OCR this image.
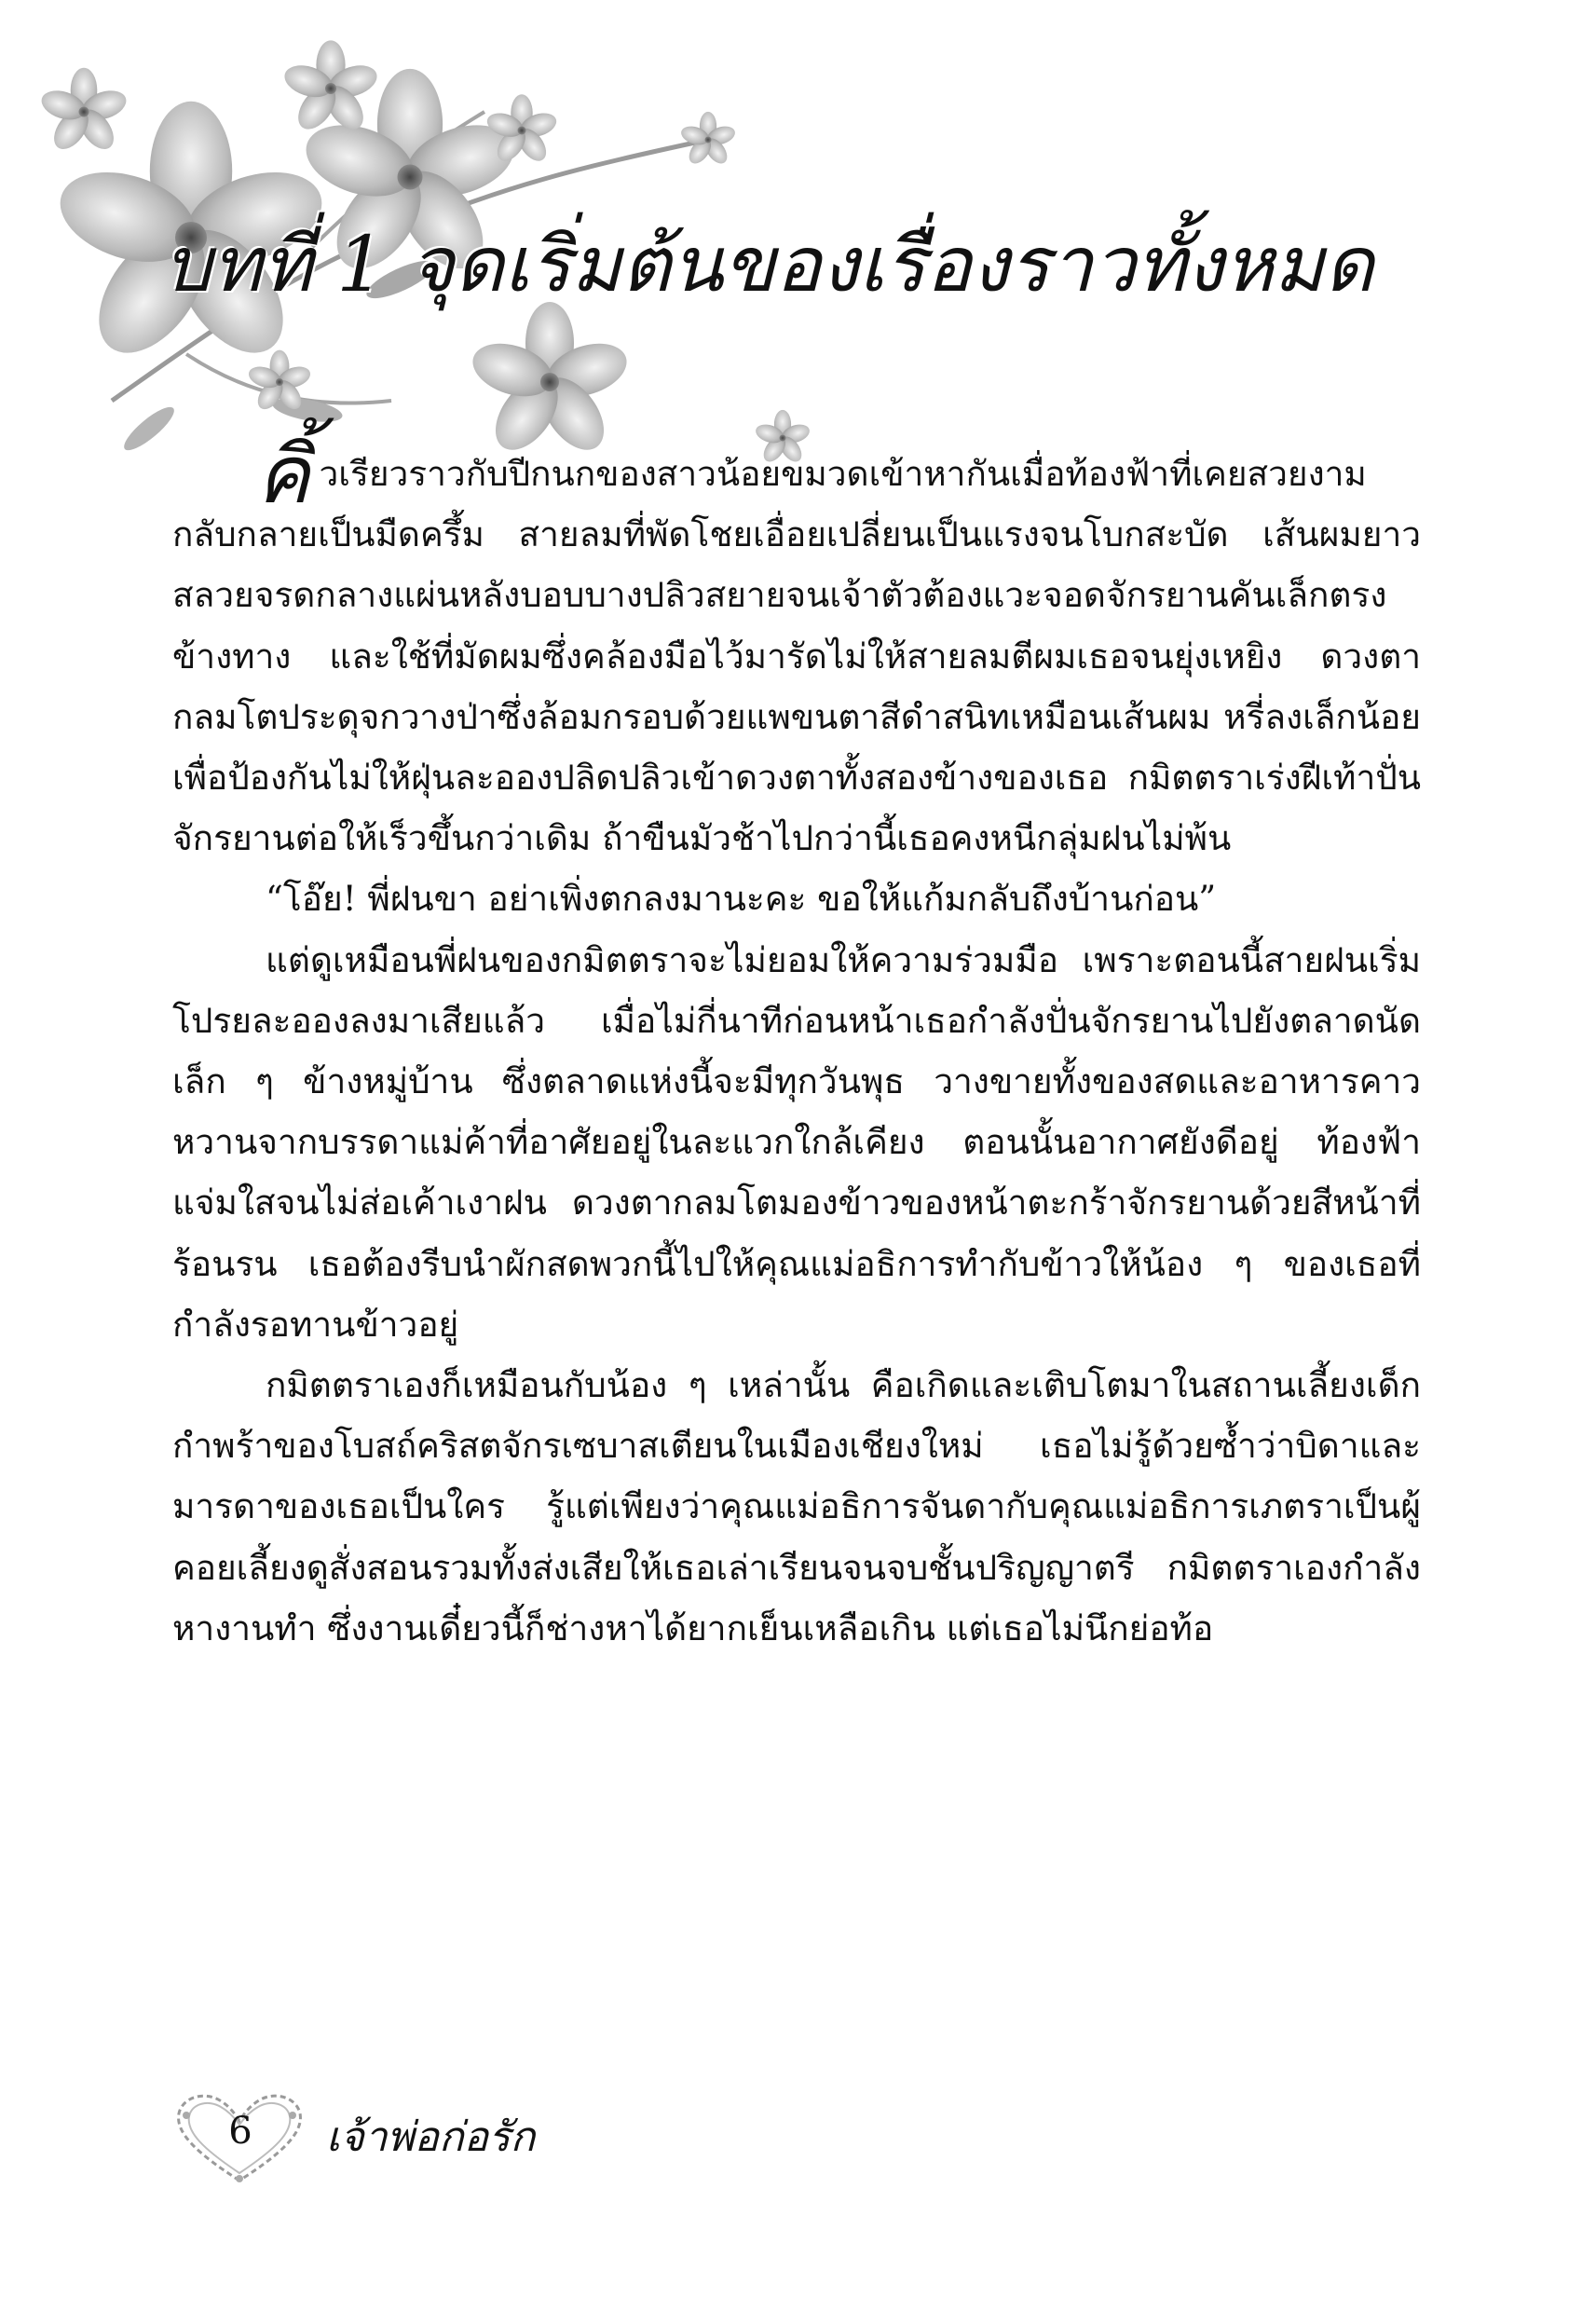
บทที่ 1 จุดเริ่มต้นของเรื่องราวทั้งหมด

คิ้วเรียวราวกับปีกนกของสาวน้อยขมวดเข้าหากันเมื่อท้องฟ้าที่เคยสวยงามกลับกลายเป็นมืดครึ้ม สายลมที่พัดโชยเอื่อยเปลี่ยนเป็นแรงจนโบกสะบัด เส้นผมยาวสลวยจรดกลางแผ่นหลังบอบบางปลิวสยายจนเจ้าตัวต้องแวะจอดจักรยานคันเล็กตรงข้างทาง และใช้ที่มัดผมซึ่งคล้องมือไว้มารัดไม่ให้สายลมตีผมเธอจนยุ่งเหยิง ดวงตากลมโตประดุจกวางป่าซึ่งล้อมกรอบด้วยแพขนตาสีดำสนิทเหมือนเส้นผม หรี่ลงเล็กน้อยเพื่อป้องกันไม่ให้ฝุ่นละอองปลิดปลิวเข้าดวงตาทั้งสองข้างของเธอ กมิตตราเร่งฝีเท้าปั่นจักรยานต่อให้เร็วขึ้นกว่าเดิม ถ้าขืนมัวช้าไปกว่านี้เธอคงหนีกลุ่มฝนไม่พ้น

“โอ๊ย! พี่ฝนขา อย่าเพิ่งตกลงมานะคะ ขอให้แก้มกลับถึงบ้านก่อน”

แต่ดูเหมือนพี่ฝนของกมิตตราจะไม่ยอมให้ความร่วมมือ เพราะตอนนี้สายฝนเริ่มโปรยละอองลงมาเสียแล้ว เมื่อไม่กี่นาทีก่อนหน้าเธอกำลังปั่นจักรยานไปยังตลาดนัดเล็ก ๆ ข้างหมู่บ้าน ซึ่งตลาดแห่งนี้จะมีทุกวันพุธ วางขายทั้งของสดและอาหารคาวหวานจากบรรดาแม่ค้าที่อาศัยอยู่ในละแวกใกล้เคียง ตอนนั้นอากาศยังดีอยู่ ท้องฟ้าแจ่มใสจนไม่ส่อเค้าเงาฝน ดวงตากลมโตมองข้าวของหน้าตะกร้าจักรยานด้วยสีหน้าที่ร้อนรน เธอต้องรีบนำผักสดพวกนี้ไปให้คุณแม่อธิการทำกับข้าวให้น้อง ๆ ของเธอที่กำลังรอทานข้าวอยู่

กมิตตราเองก็เหมือนกับน้อง ๆ เหล่านั้น คือเกิดและเติบโตมาในสถานเลี้ยงเด็กกำพร้าของโบสถ์คริสตจักรเซบาสเตียนในเมืองเชียงใหม่ เธอไม่รู้ด้วยซ้ำว่าบิดาและมารดาของเธอเป็นใคร รู้แต่เพียงว่าคุณแม่อธิการจันดากับคุณแม่อธิการเภตราเป็นผู้คอยเลี้ยงดูสั่งสอนรวมทั้งส่งเสียให้เธอเล่าเรียนจนจบชั้นปริญญาตรี กมิตตราเองกำลังหางานทำ ซึ่งงานเดี๋ยวนี้ก็ช่างหาได้ยากเย็นเหลือเกิน แต่เธอไม่นึกย่อท้อ

6 เจ้าพ่อก่อรัก
